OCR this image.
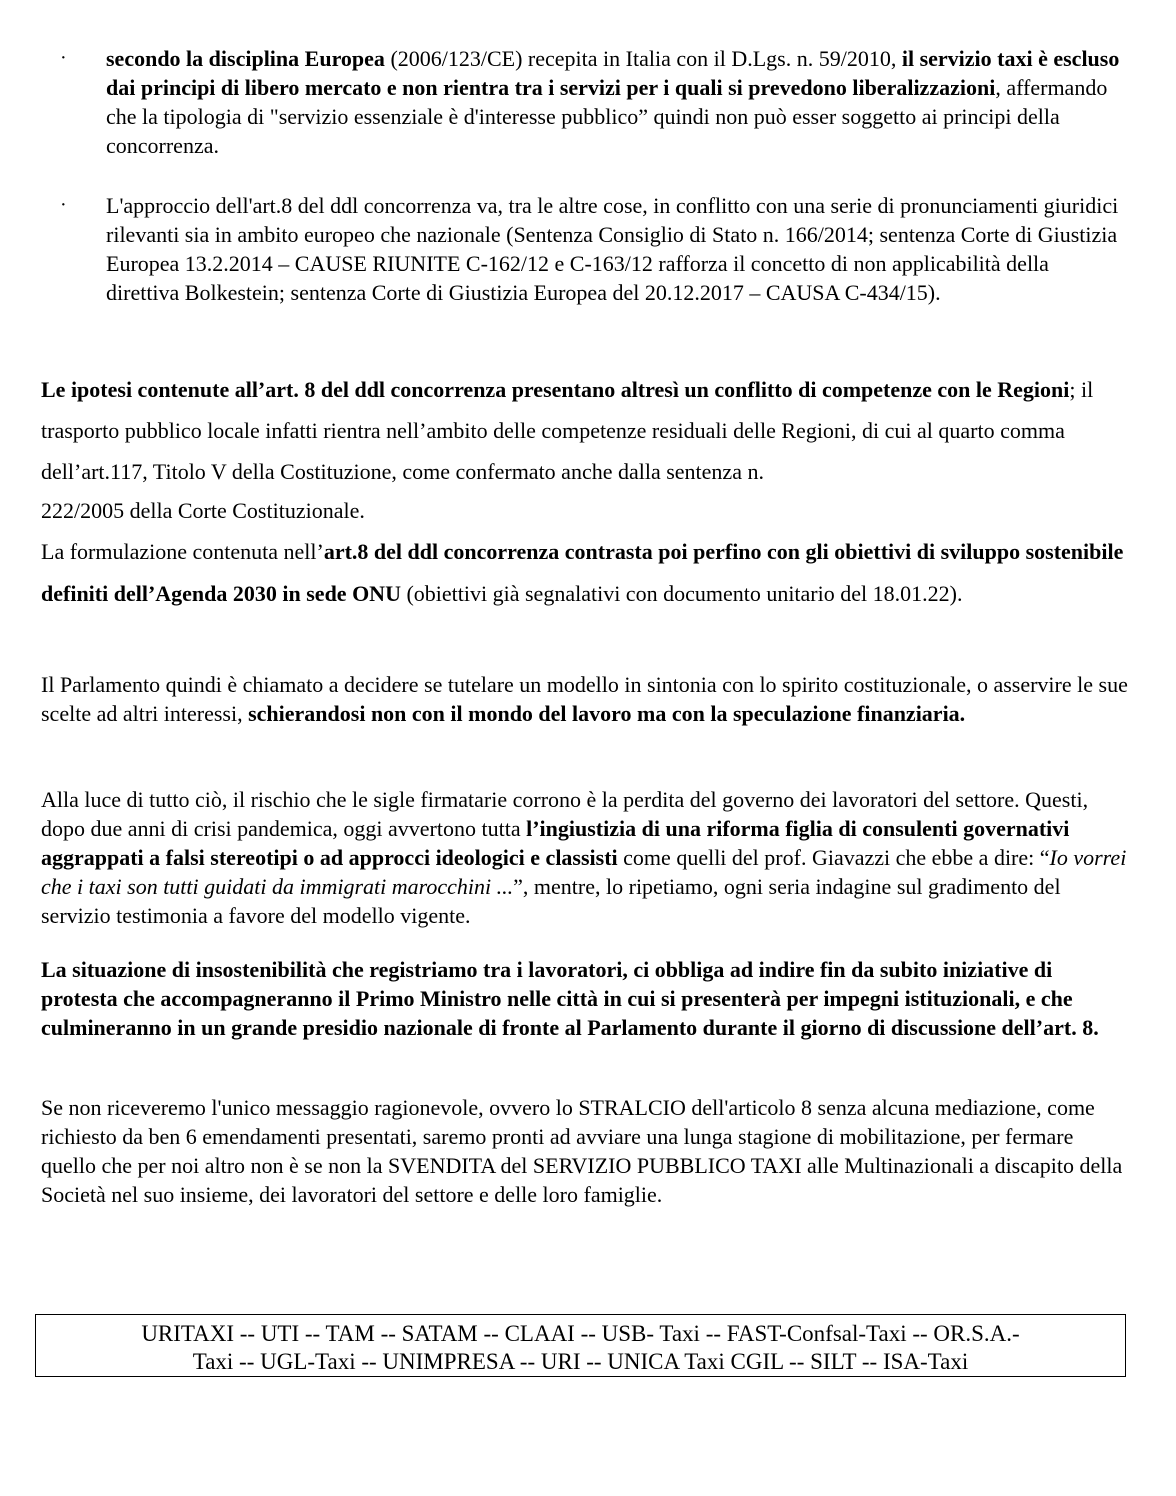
· secondo la disciplina Europea (2006/123/CE) recepita in Italia con il D.Lgs. n. 59/2010, il servizio taxi è escluso dai principi di libero mercato e non rientra tra i servizi per i quali si prevedono liberalizzazioni, affermando che la tipologia di "servizio essenziale è d'interesse pubblico” quindi non può esser soggetto ai principi della concorrenza.
· L'approccio dell'art.8 del ddl concorrenza va, tra le altre cose, in conflitto con una serie di pronunciamenti giuridici rilevanti sia in ambito europeo che nazionale (Sentenza Consiglio di Stato n. 166/2014; sentenza Corte di Giustizia Europea 13.2.2014 – CAUSE RIUNITE C-162/12 e C-163/12 rafforza il concetto di non applicabilità della direttiva Bolkestein; sentenza Corte di Giustizia Europea del 20.12.2017 – CAUSA C-434/15).
Le ipotesi contenute all’art. 8 del ddl concorrenza presentano altresì un conflitto di competenze con le Regioni; il trasporto pubblico locale infatti rientra nell’ambito delle competenze residuali delle Regioni, di cui al quarto comma dell’art.117, Titolo V della Costituzione, come confermato anche dalla sentenza n.
222/2005 della Corte Costituzionale.
La formulazione contenuta nell’art.8 del ddl concorrenza contrasta poi perfino con gli obiettivi di sviluppo sostenibile definiti dell’Agenda 2030 in sede ONU (obiettivi già segnalativi con documento unitario del 18.01.22).
Il Parlamento quindi è chiamato a decidere se tutelare un modello in sintonia con lo spirito costituzionale, o asservire le sue scelte ad altri interessi, schierandosi non con il mondo del lavoro ma con la speculazione finanziaria.
Alla luce di tutto ciò, il rischio che le sigle firmatarie corrono è la perdita del governo dei lavoratori del settore. Questi, dopo due anni di crisi pandemica, oggi avvertono tutta l’ingiustizia di una riforma figlia di consulenti governativi aggrappati a falsi stereotipi o ad approcci ideologici e classisti come quelli del prof. Giavazzi che ebbe a dire: “Io vorrei che i taxi son tutti guidati da immigrati marocchini ...”, mentre, lo ripetiamo, ogni seria indagine sul gradimento del servizio testimonia a favore del modello vigente.
La situazione di insostenibilità che registriamo tra i lavoratori, ci obbliga ad indire fin da subito iniziative di protesta che accompagneranno il Primo Ministro nelle città in cui si presenterà per impegni istituzionali, e che culmineranno in un grande presidio nazionale di fronte al Parlamento durante il giorno di discussione dell’art. 8.
Se non riceveremo l'unico messaggio ragionevole, ovvero lo STRALCIO dell'articolo 8 senza alcuna mediazione, come richiesto da ben 6 emendamenti presentati, saremo pronti ad avviare una lunga stagione di mobilitazione, per fermare quello che per noi altro non è se non la SVENDITA del SERVIZIO PUBBLICO TAXI alle Multinazionali a discapito della Società nel suo insieme, dei lavoratori del settore e delle loro famiglie.
URITAXI -- UTI -- TAM -- SATAM -- CLAAI -- USB- Taxi -- FAST-Confsal-Taxi -- OR.S.A.-
Taxi -- UGL-Taxi -- UNIMPRESA -- URI -- UNICA Taxi CGIL -- SILT -- ISA-Taxi
